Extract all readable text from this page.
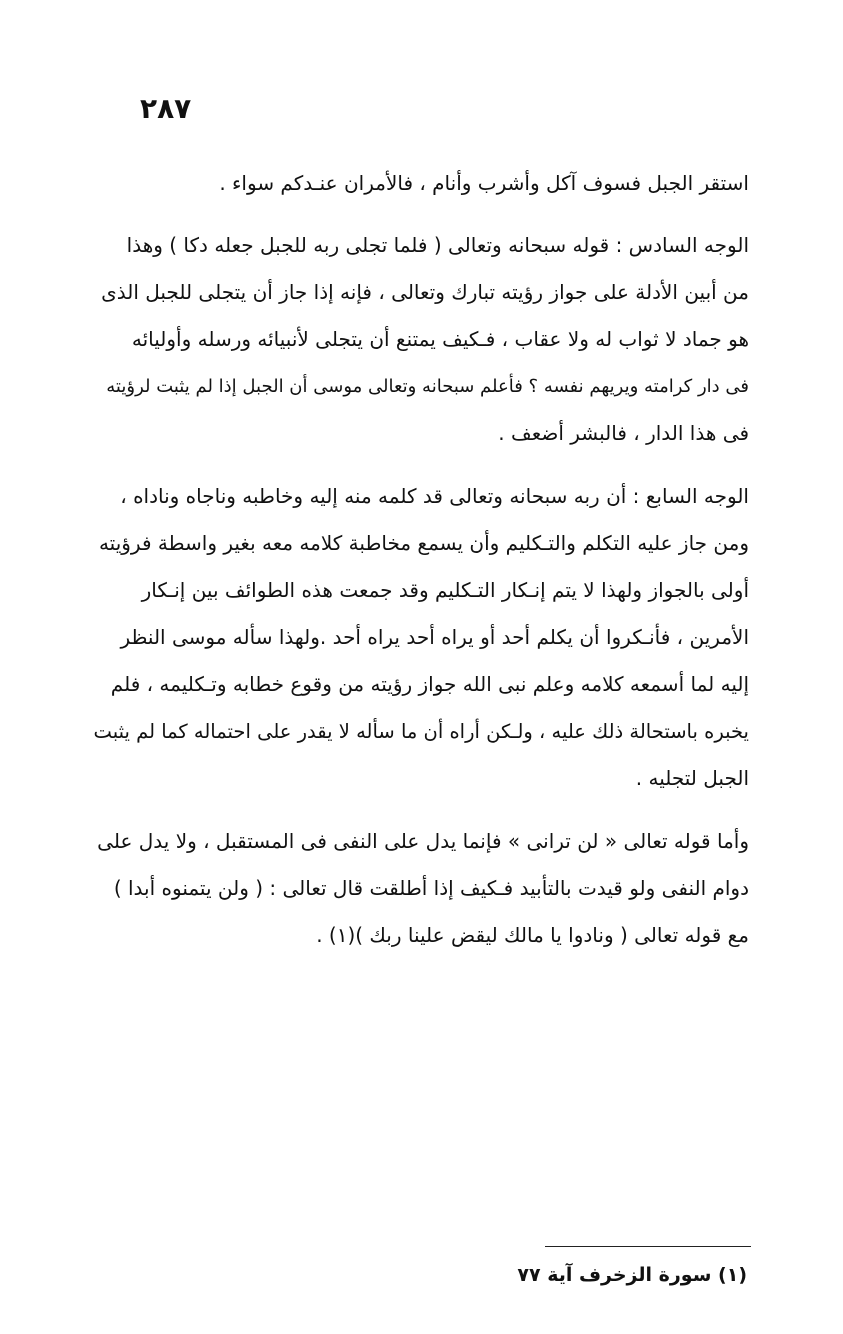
٢٨٧
استقر الجبل فسوف آكل وأشرب وأنام ، فالأمران عنـدكم سواء .
الوجه السادس : قوله سبحانه وتعالى ( فلما تجلى ربه للجبل جعله دكا ) وهذا
من أبين الأدلة على جواز رؤيته تبارك وتعالى ، فإنه إذا جاز أن يتجلى للجبل الذى
هو جماد لا ثواب له ولا عقاب ، فـكيف يمتنع أن يتجلى لأنبيائه ورسله وأوليائه
فى دار كرامته ويريهم نفسه ؟ فأعلم سبحانه وتعالى موسى أن الجبل إذا لم يثبت لرؤيته
فى هذا الدار ، فالبشر أضعف .
الوجه السابع : أن ربه سبحانه وتعالى قد كلمه منه إليه وخاطبه وناجاه وناداه ،
ومن جاز عليه التكلم والتـكليم وأن يسمع مخاطبة كلامه معه بغير واسطة فرؤيته
أولى بالجواز ولهذا لا يتم إنـكار التـكليم وقد جمعت هذه الطوائف بين إنـكار
الأمرين ، فأنـكروا أن يكلم أحد أو يراه أحد يراه أحد .ولهذا سأله موسى النظر
إليه لما أسمعه كلامه وعلم نبى الله جواز رؤيته من وقوع خطابه وتـكليمه ، فلم
يخبره باستحالة ذلك عليه ، ولـكن أراه أن ما سأله لا يقدر على احتماله كما لم يثبت
الجبل لتجليه .
وأما قوله تعالى « لن ترانى » فإنما يدل على النفى فى المستقبل ، ولا يدل على
دوام النفى ولو قيدت بالتأبيد فـكيف إذا أطلقت قال تعالى : ( ولن يتمنوه أبدا )
مع قوله تعالى ( ونادوا يا مالك ليقض علينا ربك )(١) .
(١) سورة الزخرف آية ٧٧
